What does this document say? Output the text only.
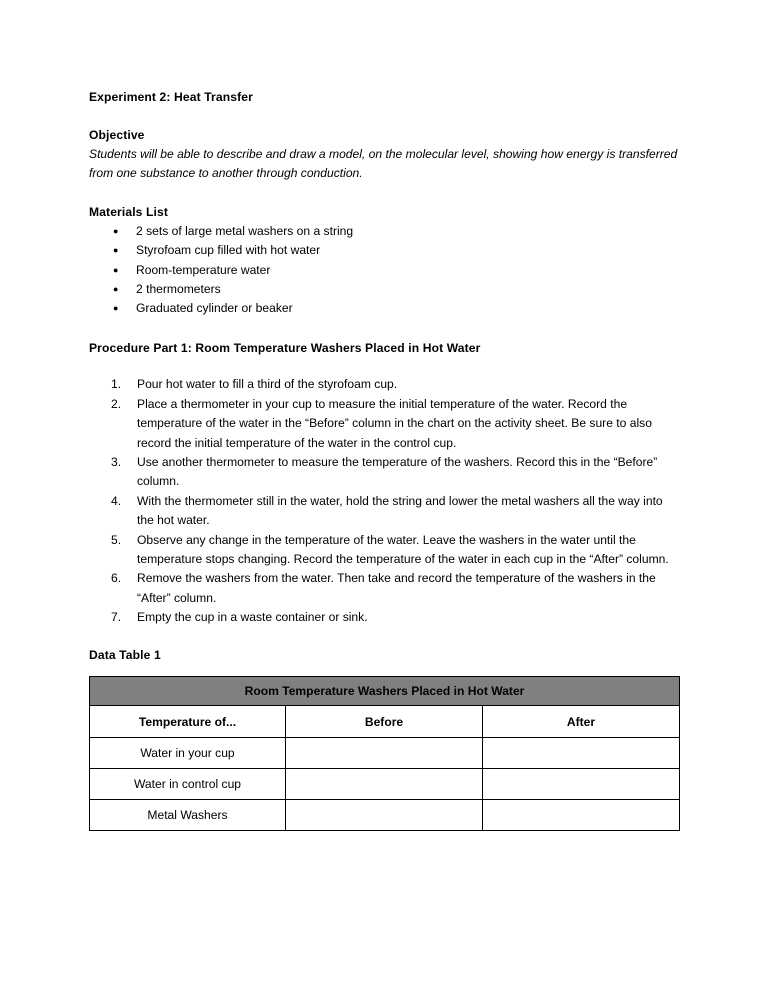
Experiment 2: Heat Transfer
Objective

Students will be able to describe and draw a model, on the molecular level, showing how energy is transferred from one substance to another through conduction.

Materials List
● 2 sets of large metal washers on a string
● Styrofoam cup filled with hot water
● Room-temperature water
● 2 thermometers
● Graduated cylinder or beaker
Procedure Part 1: Room Temperature Washers Placed in Hot Water
1.	Pour hot water to fill a third of the styrofoam cup.
2.	Place a thermometer in your cup to measure the initial temperature of the water. Record the temperature of the water in the “Before” column in the chart on the activity sheet. Be sure to also record the initial temperature of the water in the control cup.
3.	Use another thermometer to measure the temperature of the washers. Record this in the “Before” column.
4.	With the thermometer still in the water, hold the string and lower the metal washers all the way into the hot water.
5.	Observe any change in the temperature of the water. Leave the washers in the water until the temperature stops changing. Record the temperature of the water in each cup in the “After” column.
6.	Remove the washers from the water. Then take and record the temperature of the washers in the “After” column.
7.	Empty the cup in a waste container or sink.
Data Table 1
Room Temperature Washers Placed in Hot Water		
Temperature of...	Before	After
Water in your cup		
Water in control cup		
Metal Washers		
